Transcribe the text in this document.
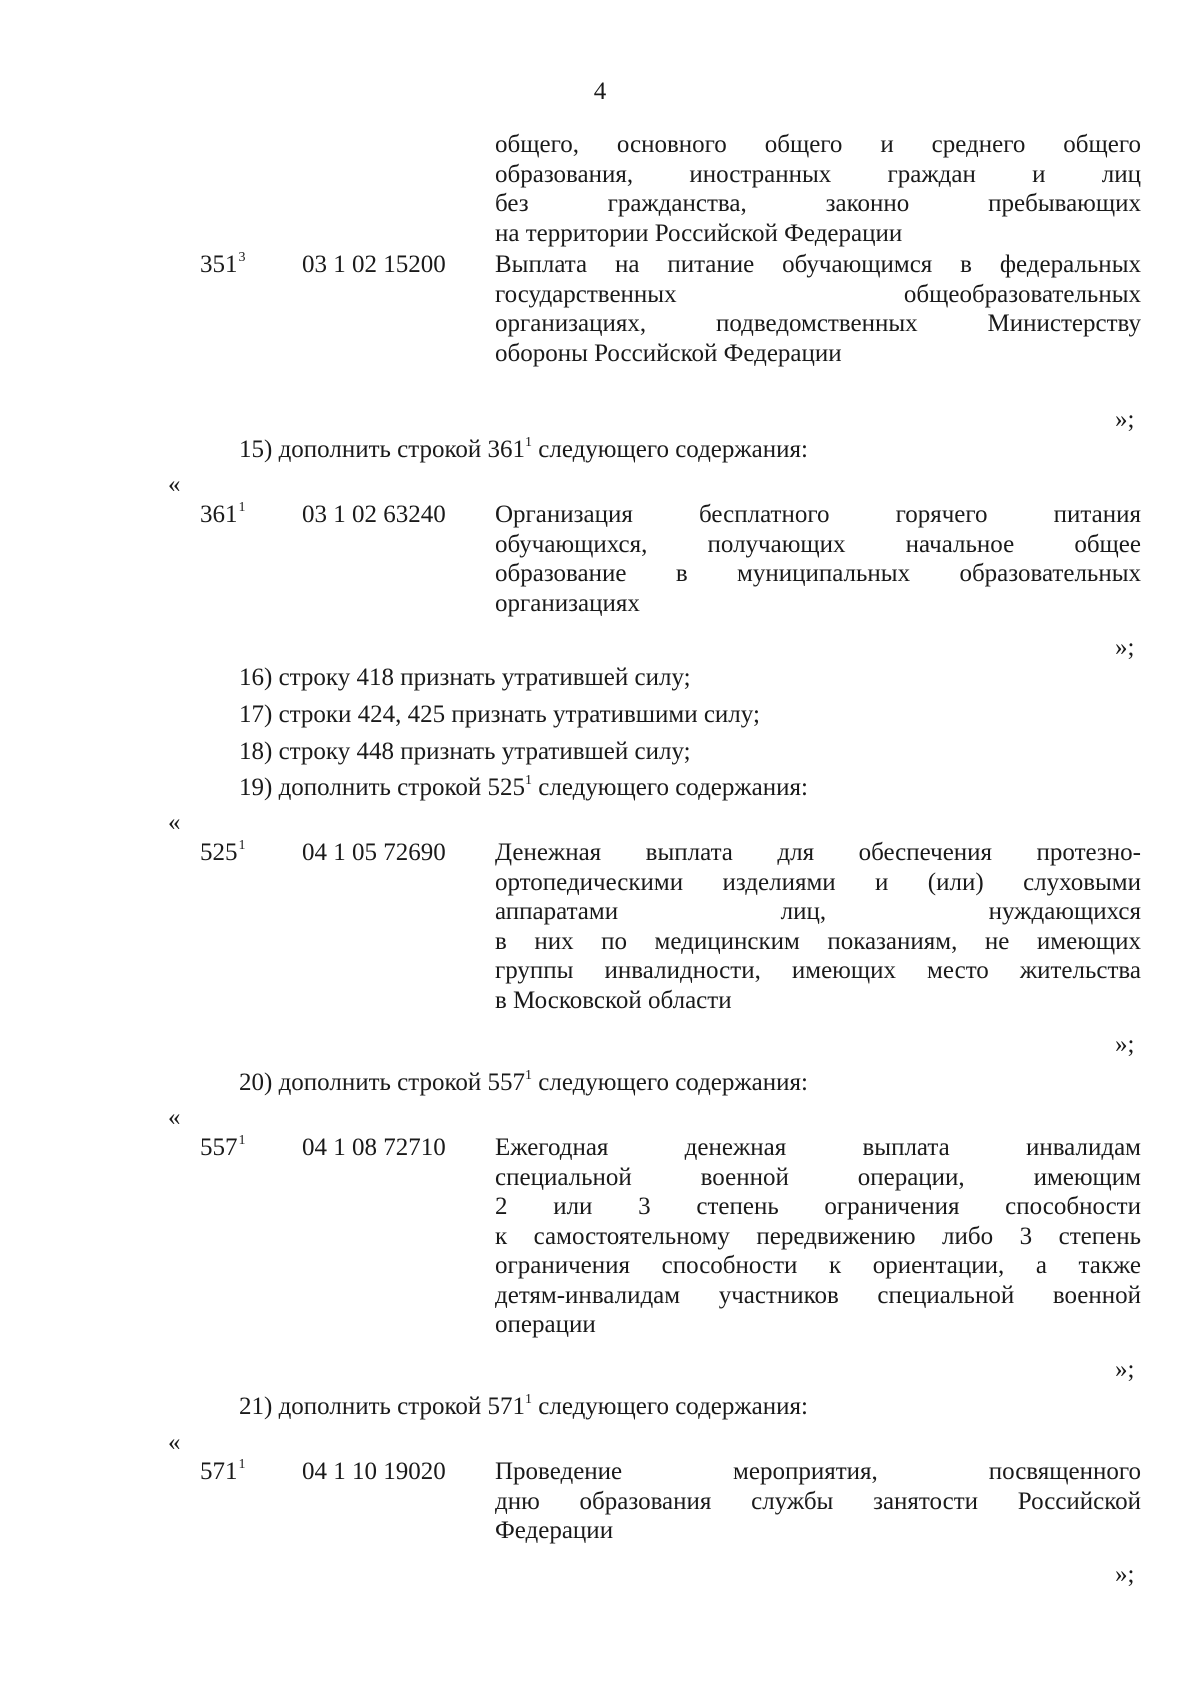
4
общего, основного общего и среднего общего
образования, иностранных граждан и лиц
без гражданства, законно пребывающих
на территории Российской Федерации
$351^3$ 03 1 02 15200 Выплата на питание обучающимся в федеральных
государственных общеобразовательных
организациях, подведомственных Министерству
обороны Российской Федерации
»;
15) дополнить строкой $361^1$ следующего содержания:
«
$361^1$ 03 1 02 63240 Организация бесплатного горячего питания
обучающихся, получающих начальное общее
образование в муниципальных образовательных
организациях
»;
16) строку 418 признать утратившей силу;
17) строки 424, 425 признать утратившими силу;
18) строку 448 признать утратившей силу;
19) дополнить строкой $525^1$ следующего содержания:
«
$525^1$ 04 1 05 72690 Денежная выплата для обеспечения протезно-
ортопедическими изделиями и (или) слуховыми
аппаратами лиц, нуждающихся
в них по медицинским показаниям, не имеющих
группы инвалидности, имеющих место жительства
в Московской области
»;
20) дополнить строкой $557^1$ следующего содержания:
«
$557^1$ 04 1 08 72710 Ежегодная денежная выплата инвалидам
специальной военной операции, имеющим
2 или 3 степень ограничения способности
к самостоятельному передвижению либо 3 степень
ограничения способности к ориентации, а также
детям-инвалидам участников специальной военной
операции
»;
21) дополнить строкой $571^1$ следующего содержания:
«
$571^1$ 04 1 10 19020 Проведение мероприятия, посвященного
дню образования службы занятости Российской
Федерации
»;
